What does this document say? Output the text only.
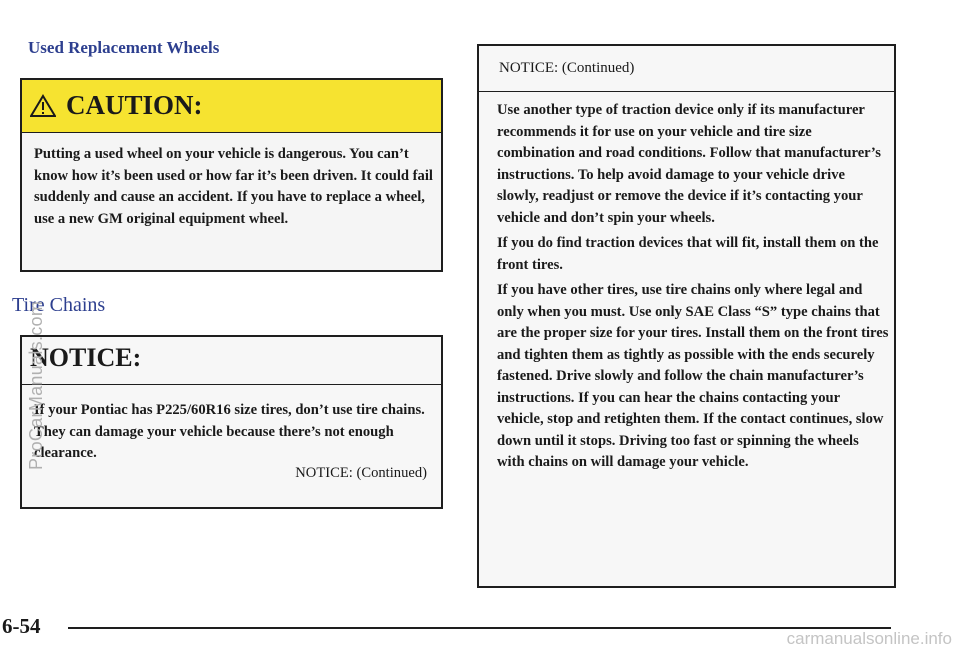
Used Replacement Wheels
CAUTION:
Putting a used wheel on your vehicle is dangerous. You can’t know how it’s been used or how far it’s been driven. It could fail suddenly and cause an accident. If you have to replace a wheel, use a new GM original equipment wheel.
Tire Chains
NOTICE:
If your Pontiac has P225/60R16 size tires, don’t use tire chains. They can damage your vehicle because there’s not enough clearance.
NOTICE: (Continued)
NOTICE: (Continued)

Use another type of traction device only if its manufacturer recommends it for use on your vehicle and tire size combination and road conditions. Follow that manufacturer’s instructions. To help avoid damage to your vehicle drive slowly, readjust or remove the device if it’s contacting your vehicle and don’t spin your wheels.

If you do find traction devices that will fit, install them on the front tires.

If you have other tires, use tire chains only where legal and only when you must. Use only SAE Class “S” type chains that are the proper size for your tires. Install them on the front tires and tighten them as tightly as possible with the ends securely fastened. Drive slowly and follow the chain manufacturer’s instructions. If you can hear the chains contacting your vehicle, stop and retighten them. If the contact continues, slow down until it stops. Driving too fast or spinning the wheels with chains on will damage your vehicle.

6-54
ProCarManuals.com
carmanualsonline.info
